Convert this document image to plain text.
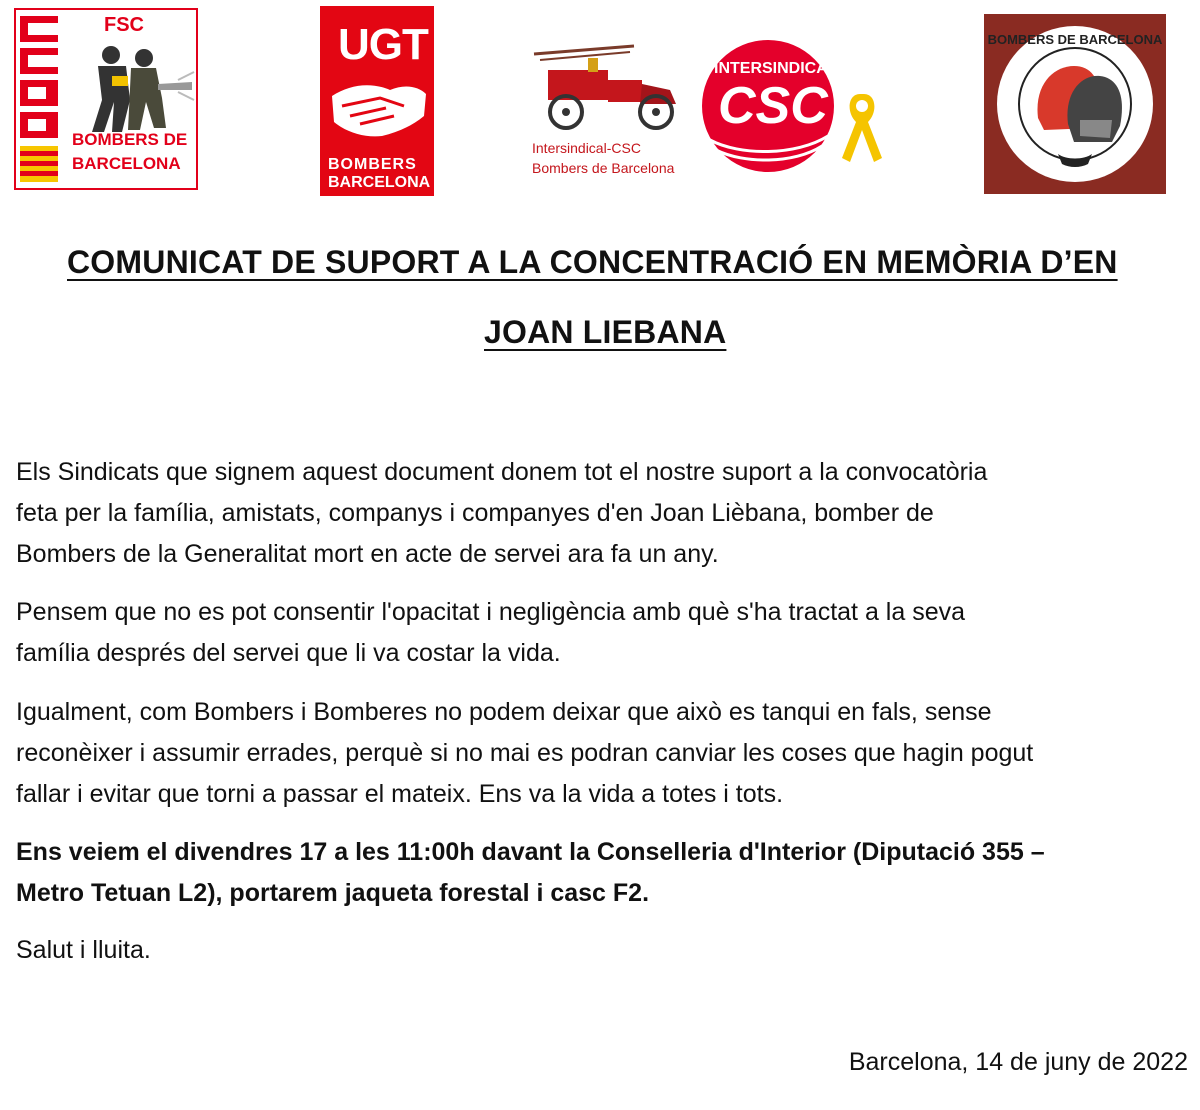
FSC
BOMBERS DE
BARCELONA
UGT
BOMBERS
BARCELONA
Intersindical-CSC
Bombers de Barcelona
INTERSINDICAL
CSC
BOMBERS DE BARCELONA
COMUNICAT DE SUPORT A LA CONCENTRACIÓ EN MEMÒRIA D’EN
JOAN LIEBANA
Els Sindicats que signem aquest document donem tot el nostre suport a la convocatòria
feta per la família, amistats, companys i companyes d'en Joan Lièbana, bomber de
Bombers de la Generalitat mort en acte de servei ara fa un any.
Pensem que no es pot consentir l'opacitat i negligència amb què s'ha tractat a la seva
família després del servei que li va costar la vida.
Igualment, com Bombers i Bomberes no podem deixar que això es tanqui en fals, sense
reconèixer i assumir errades, perquè si no mai es podran canviar les coses que hagin pogut
fallar i evitar que torni a passar el mateix. Ens va la vida a totes i tots.
Ens veiem el divendres 17 a les 11:00h davant la Conselleria d'Interior (Diputació 355 –
Metro Tetuan L2), portarem jaqueta forestal i casc F2.
Salut i lluita.
Barcelona, 14 de juny de 2022
